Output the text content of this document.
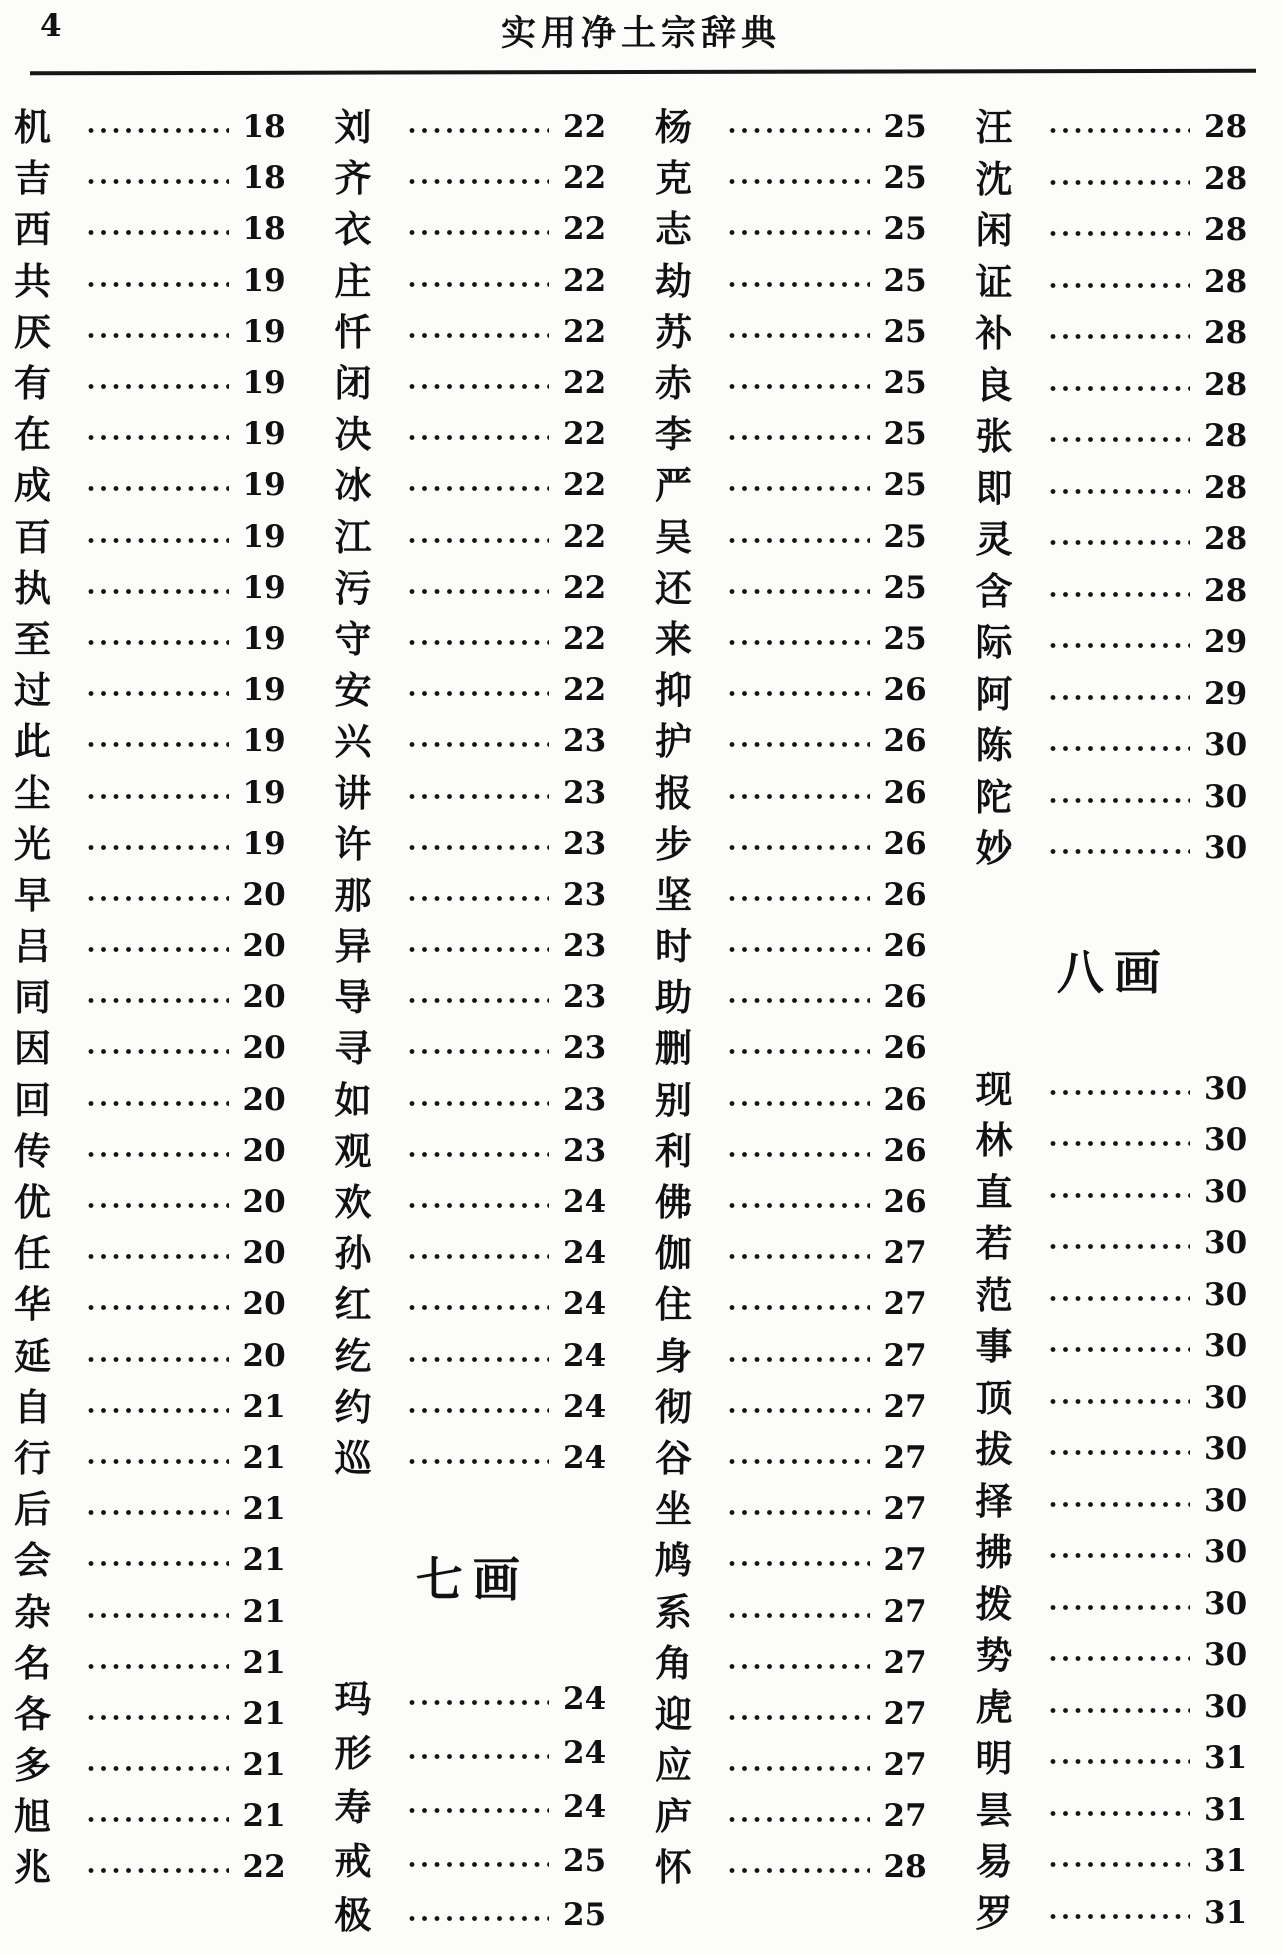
4	实用净土宗辞典
机	18
吉	18
西	18
共	19
厌	19
有	19
在	19
成	19
百	19
执	19
至	19
过	19
此	19
尘	19
光	19
早	20
吕	20
同	20
因	20
回	20
传	20
优	20
任	20
华	20
延	20
自	21
行	21
后	21
会	21
杂	21
名	21
各	21
多	21
旭	21
兆	22
刘	22
齐	22
衣	22
庄	22
忏	22
闭	22
决	22
冰	22
江	22
污	22
守	22
安	22
兴	23
讲	23
许	23
那	23
异	23
导	23
寻	23
如	23
观	23
欢	24
孙	24
红	24
纥	24
约	24
巡	24
七画
玛	24
形	24
寿	24
戒	25
极	25
杨	25
克	25
志	25
劫	25
苏	25
赤	25
李	25
严	25
吴	25
还	25
来	25
抑	26
护	26
报	26
步	26
坚	26
时	26
助	26
删	26
别	26
利	26
佛	26
伽	27
住	27
身	27
彻	27
谷	27
坐	27
鸠	27
系	27
角	27
迎	27
应	27
庐	27
怀	28
汪	28
沈	28
闲	28
证	28
补	28
良	28
张	28
即	28
灵	28
含	28
际	29
阿	29
陈	30
陀	30
妙	30
八画
现	30
林	30
直	30
若	30
范	30
事	30
顶	30
拔	30
择	30
拂	30
拨	30
势	30
虎	30
明	31
昙	31
易	31
罗	31
